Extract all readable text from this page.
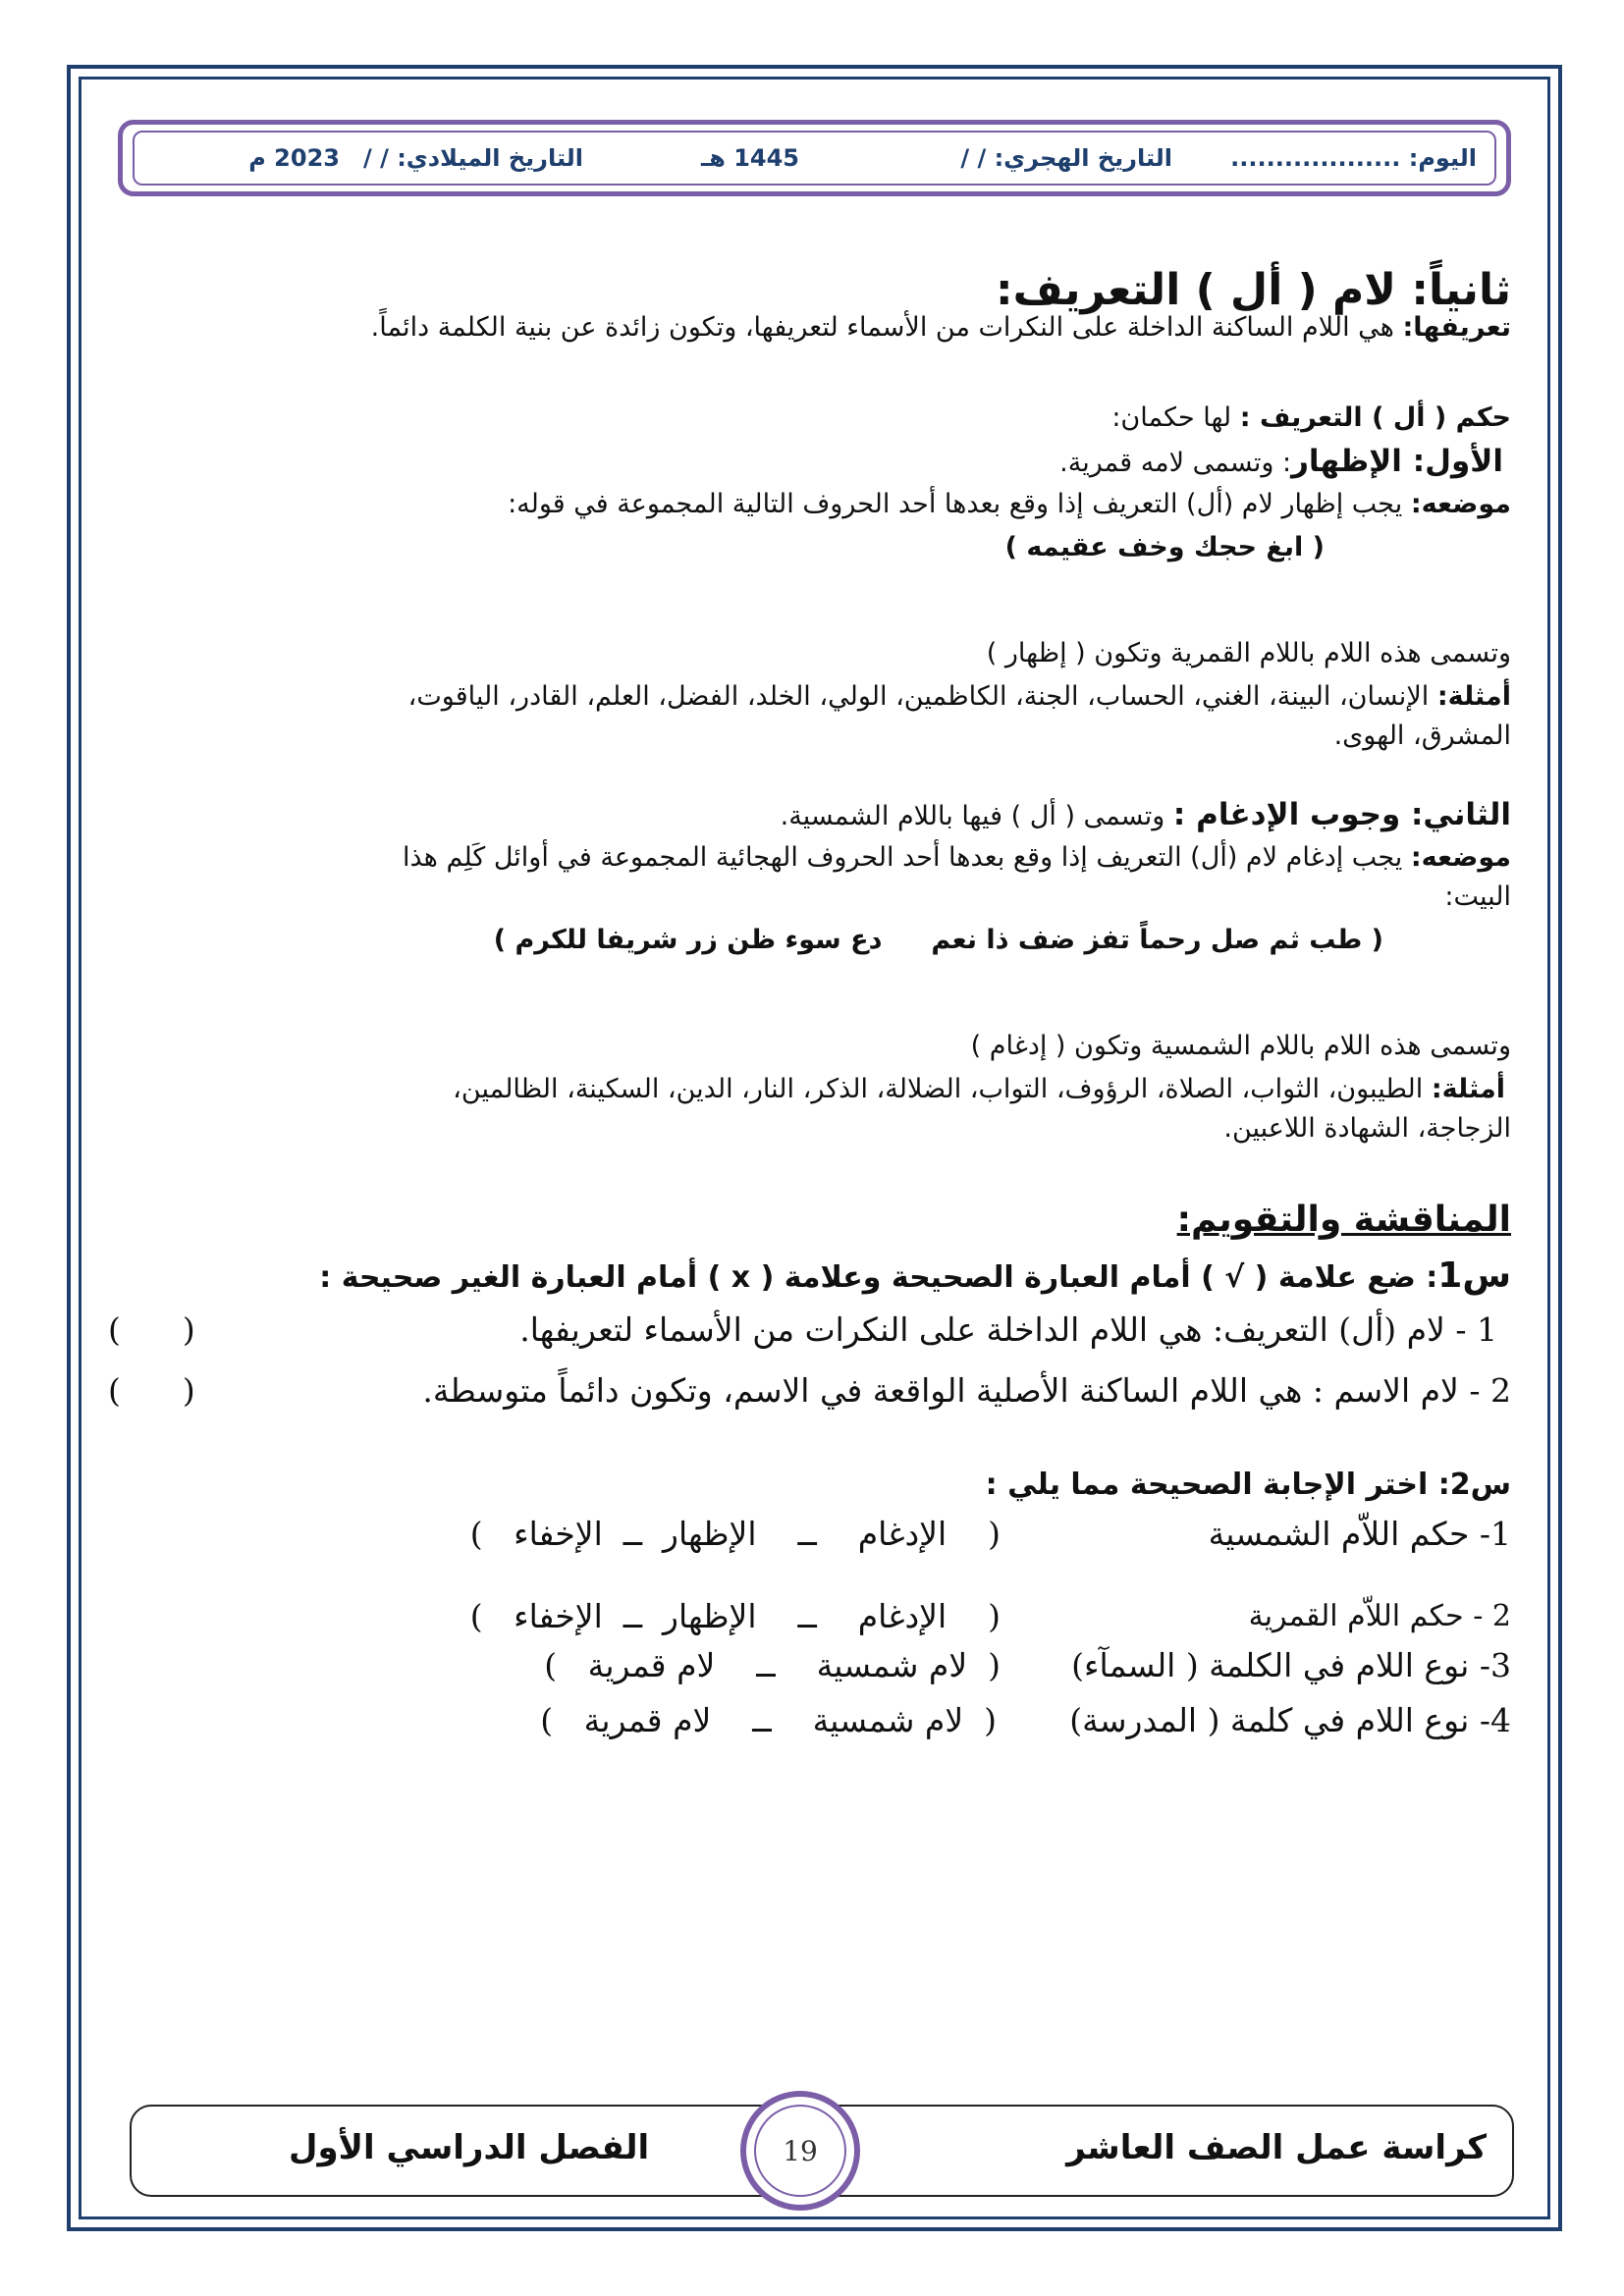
اليوم: ...................
التاريخ الهجري: / /
1445 هـ
التاريخ الميلادي: / /
2023 م
ثانياً: لام ( أل ) التعريف:
تعريفها: هي اللام الساكنة الداخلة على النكرات من الأسماء لتعريفها، وتكون زائدة عن بنية الكلمة دائماً.
حكم ( أل ) التعريف : لها حكمان:
الأول: الإظهار: وتسمى لامه قمرية.
موضعه: يجب إظهار لام (أل) التعريف إذا وقع بعدها أحد الحروف التالية المجموعة في قوله:
( ابغ حجك وخف عقيمه )
وتسمى هذه اللام باللام القمرية وتكون ( إظهار )
أمثلة: الإنسان، البينة، الغني، الحساب، الجنة، الكاظمين، الولي، الخلد، الفضل، العلم، القادر، الياقوت،
المشرق، الهوى.
الثاني: وجوب الإدغام : وتسمى ( أل ) فيها باللام الشمسية.
موضعه: يجب إدغام لام (أل) التعريف إذا وقع بعدها أحد الحروف الهجائية المجموعة في أوائل كَلِم هذا
البيت:
( طب ثم صل رحماً تفز ضف ذا نعمدع سوء ظن زر شريفا للكرم )
وتسمى هذه اللام باللام الشمسية وتكون ( إدغام )
أمثلة: الطيبون، الثواب، الصلاة، الرؤوف، التواب، الضلالة، الذكر، النار، الدين، السكينة، الظالمين،
الزجاجة، الشهادة اللاعبين.
المناقشة والتقويم:
س1: ضع علامة ( √ ) أمام العبارة الصحيحة وعلامة ( x ) أمام العبارة الغير صحيحة :
1 - لام (أل) التعريف: هي اللام الداخلة على النكرات من الأسماء لتعريفها.
(      )
2 - لام الاسم : هي اللام الساكنة الأصلية الواقعة في الاسم، وتكون دائماً متوسطة.
(      )
س2: اختر الإجابة الصحيحة مما يلي :
1- حكم اللاّم الشمسية
(    الإدغام    ــ    الإظهار  ــ  الإخفاء   )
2 - حكم اللاّم القمرية
(    الإدغام    ــ    الإظهار  ــ  الإخفاء   )
3- نوع اللام في الكلمة ( السمآء)
(  لام شمسية    ــ    لام قمرية   )
4- نوع اللام في كلمة ( المدرسة)
(  لام شمسية    ــ    لام قمرية   )
كراسة عمل الصف العاشر
الفصل الدراسي الأول	19
